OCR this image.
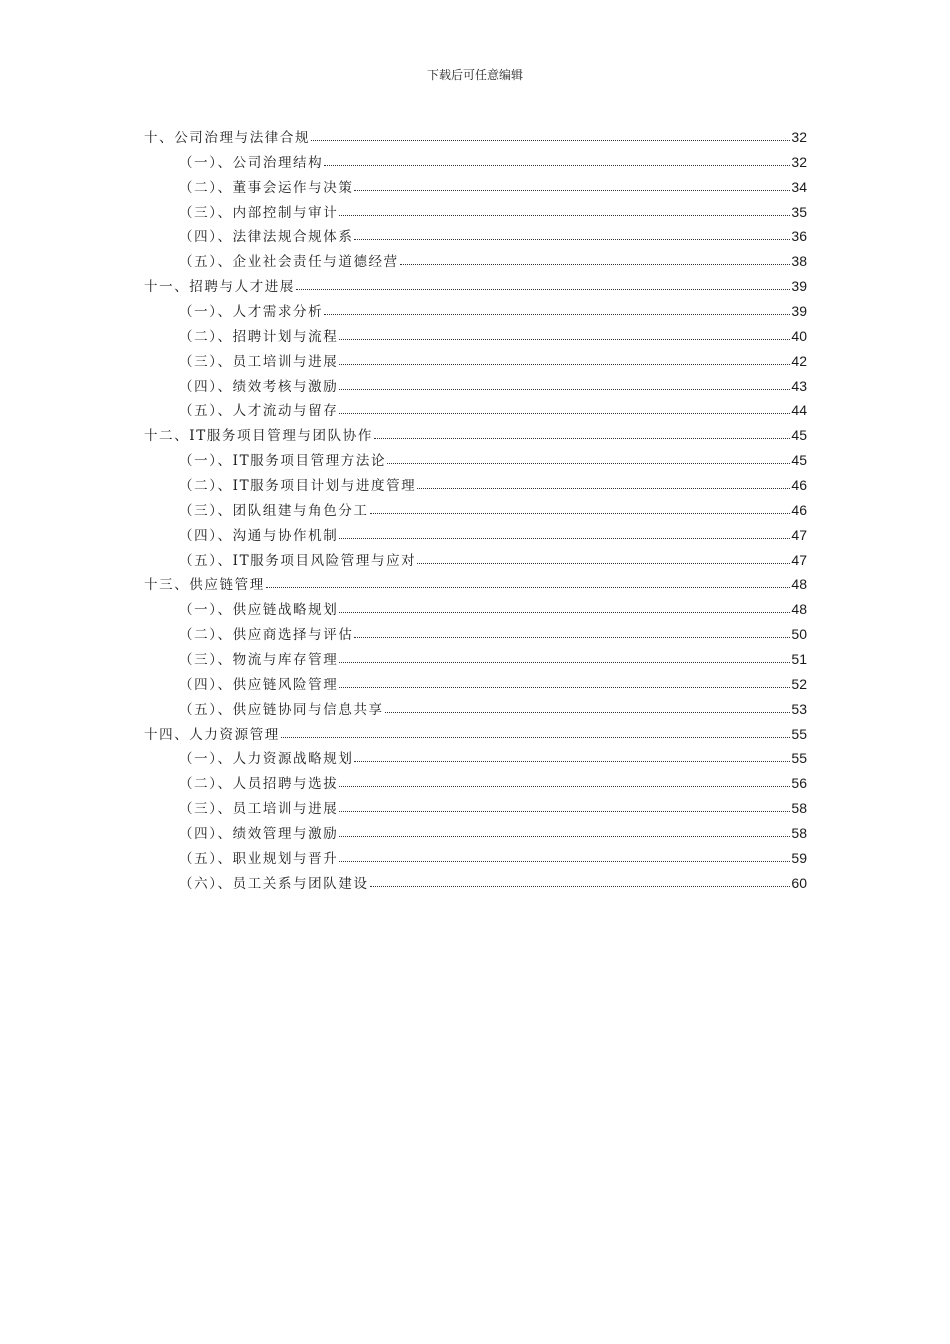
下载后可任意编辑
十、公司治理与法律合规	32
（一）、公司治理结构	32
（二）、董事会运作与决策	34
（三）、内部控制与审计	35
（四）、法律法规合规体系	36
（五）、企业社会责任与道德经营	38
十一、招聘与人才进展	39
（一）、人才需求分析	39
（二）、招聘计划与流程	40
（三）、员工培训与进展	42
（四）、绩效考核与激励	43
（五）、人才流动与留存	44
十二、IT服务项目管理与团队协作	45
（一）、IT服务项目管理方法论	45
（二）、IT服务项目计划与进度管理	46
（三）、团队组建与角色分工	46
（四）、沟通与协作机制	47
（五）、IT服务项目风险管理与应对	47
十三、供应链管理	48
（一）、供应链战略规划	48
（二）、供应商选择与评估	50
（三）、物流与库存管理	51
（四）、供应链风险管理	52
（五）、供应链协同与信息共享	53
十四、人力资源管理	55
（一）、人力资源战略规划	55
（二）、人员招聘与选拔	56
（三）、员工培训与进展	58
（四）、绩效管理与激励	58
（五）、职业规划与晋升	59
（六）、员工关系与团队建设	60
